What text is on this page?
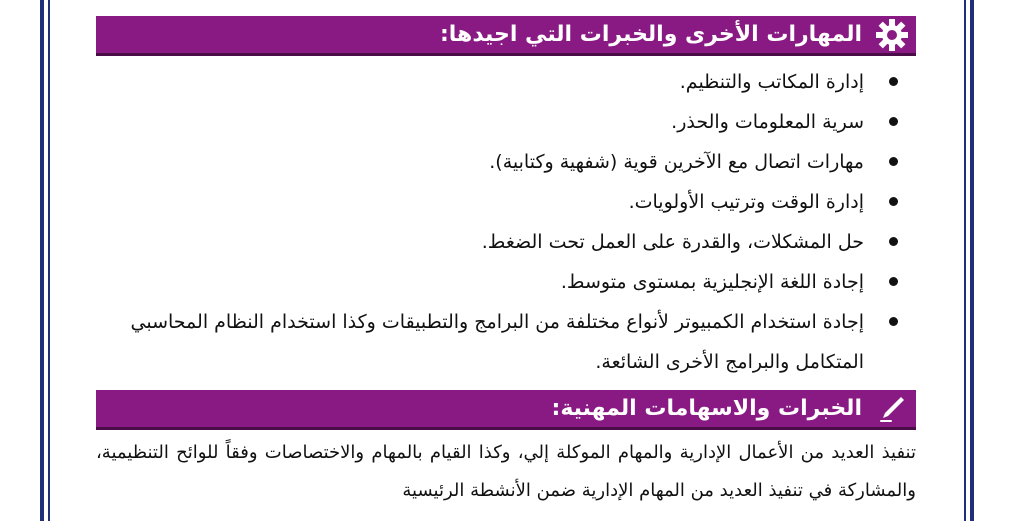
المهارات الأخرى والخبرات التي اجيدها:
إدارة المكاتب والتنظيم.
سرية المعلومات والحذر.
مهارات اتصال مع الآخرين قوية (شفهية وكتابية).
إدارة الوقت وترتيب الأولويات.
حل المشكلات، والقدرة على العمل تحت الضغط.
إجادة اللغة الإنجليزية بمستوى متوسط.
إجادة استخدام الكمبيوتر لأنواع مختلفة من البرامج والتطبيقات وكذا استخدام النظام المحاسبي المتكامل والبرامج الأخرى الشائعة.
الخبرات والاسهامات المهنية:
تنفيذ العديد من الأعمال الإدارية والمهام الموكلة إلي، وكذا القيام بالمهام والاختصاصات وفقاً للوائح التنظيمية، والمشاركة في تنفيذ العديد من المهام الإدارية ضمن الأنشطة الرئيسية
